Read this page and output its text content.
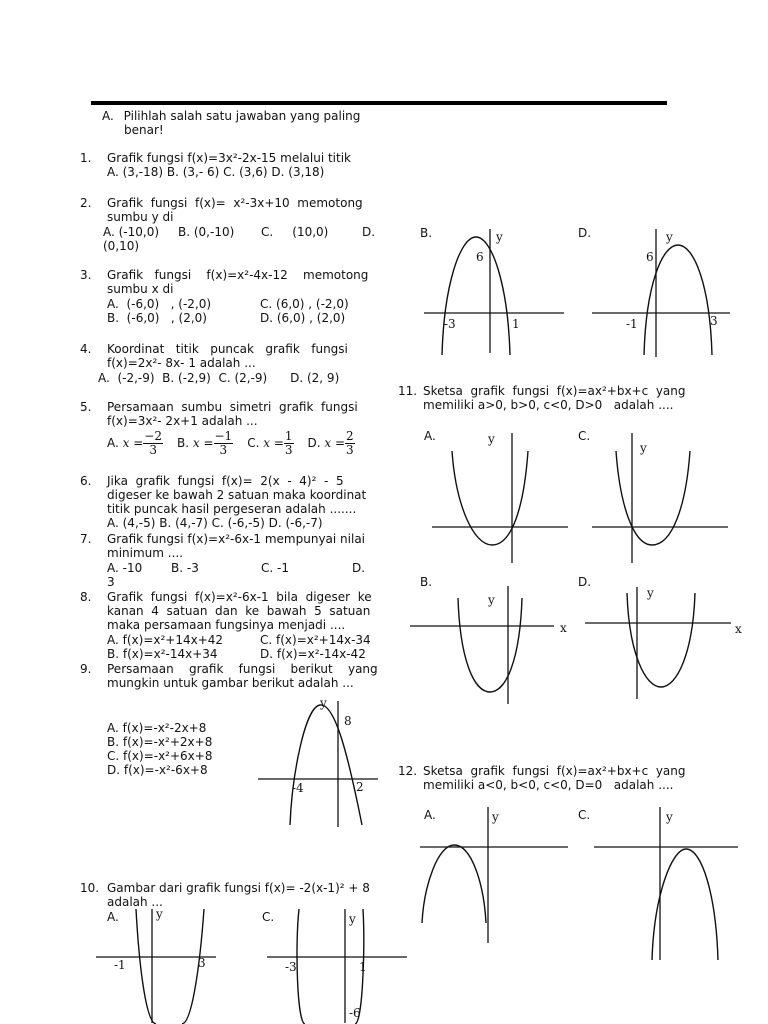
A. Pilihlah salah satu jawaban yang paling
benar!
1. Grafik fungsi f(x)=3x²-2x-15 melalui titik
A. (3,-18) B. (3,- 6) C. (3,6) D. (3,18)
2. Grafik  fungsi  f(x)=  x²-3x+10  memotong
sumbu y di
A. (-10,0) B. (0,-10) C.     (10,0)	D.
(0,10)
3. Grafik   fungsi    f(x)=x²-4x-12    memotong
sumbu x di
A.  (-6,0)   , (-2,0)
B.  (-6,0)   , (2,0)
C. (6,0) , (-2,0)
D. (6,0) , (2,0)
4. Koordinat   titik   puncak   grafik   fungsi
f(x)=2x²- 8x- 1 adalah ...
A.  (-2,-9)  B. (-2,9)  C. (2,-9)      D. (2, 9)
5. Persamaan  sumbu  simetri  grafik  fungsi
f(x)=3x²- 2x+1 adalah ...
A. $x = \frac{-2}{3} B$. $x = \frac{-1}{3} C$. $x = \frac{1}{3} D$. $x = \frac{2}{3}$
6. Jika  grafik  fungsi  f(x)=  2(x  -  4)²  -  5
digeser ke bawah 2 satuan maka koordinat
titik puncak hasil pergeseran adalah .......
A. (4,-5) B. (4,-7) C. (-6,-5) D. (-6,-7)
7. Grafik fungsi f(x)=x²-6x-1 mempunyai nilai
minimum ....
A. -10 B. -3	C. -1	D.
3
8. Grafik  fungsi  f(x)=x²-6x-1  bila  digeser  ke
kanan  4  satuan  dan  ke  bawah  5  satuan
maka persamaan fungsinya menjadi ....
A. f(x)=x²+14x+42
B. f(x)=x²-14x+34
C. f(x)=x²+14x-34
D. f(x)=x²-14x-42
9. Persamaan    grafik    fungsi    berikut    yang
mungkin untuk gambar berikut adalah ...
A. f(x)=-x²-2x+8
B. f(x)=-x²+2x+8
C. f(x)=-x²+6x+8
D. f(x)=-x²-6x+8
y
8
-4	2
10. Gambar dari grafik fungsi f(x)= -2(x-1)² + 8
adalah ...
A.	y
-1	3
C.	y
-3	1
-6
B.	y
6
-3	1
D.	y
6
-1	3
11. Sketsa  grafik  fungsi  f(x)=ax²+bx+c  yang
memiliki a>0, b>0, c<0, D>0   adalah ....
A.	y	C.
y
B.
y
x
D.
y
x
12. Sketsa  grafik  fungsi  f(x)=ax²+bx+c  yang
memiliki a<0, b<0, c<0, D=0   adalah ....
A.	y	C.	y
